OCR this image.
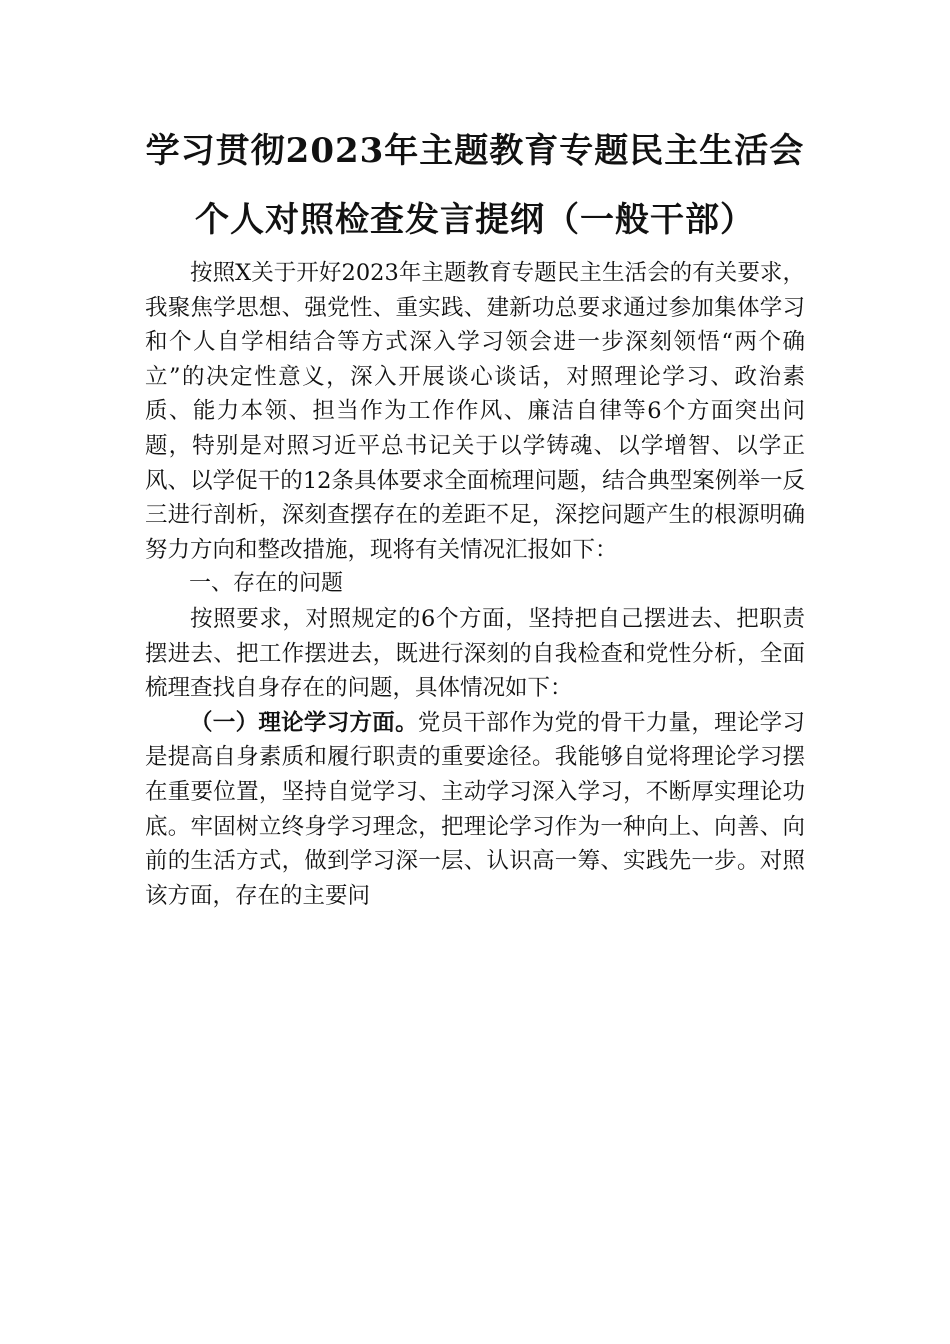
学习贯彻2023年主题教育专题民主生活会
个人对照检查发言提纲（一般干部）

按照X关于开好2023年主题教育专题民主生活会的有关要求，我聚焦学思想、强党性、重实践、建新功总要求通过参加集体学习和个人自学相结合等方式深入学习领会进一步深刻领悟“两个确立”的决定性意义，深入开展谈心谈话，对照理论学习、政治素质、能力本领、担当作为工作作风、廉洁自律等6个方面突出问题，特别是对照习近平总书记关于以学铸魂、以学增智、以学正风、以学促干的12条具体要求全面梳理问题，结合典型案例举一反三进行剖析，深刻查摆存在的差距不足，深挖问题产生的根源明确努力方向和整改措施，现将有关情况汇报如下：

一、存在的问题

按照要求，对照规定的6个方面，坚持把自己摆进去、把职责摆进去、把工作摆进去，既进行深刻的自我检查和党性分析，全面梳理查找自身存在的问题，具体情况如下：

（一）理论学习方面。党员干部作为党的骨干力量，理论学习是提高自身素质和履行职责的重要途径。我能够自觉将理论学习摆在重要位置，坚持自觉学习、主动学习深入学习，不断厚实理论功底。牢固树立终身学习理念，把理论学习作为一种向上、向善、向前的生活方式，做到学习深一层、认识高一筹、实践先一步。对照该方面，存在的主要问
